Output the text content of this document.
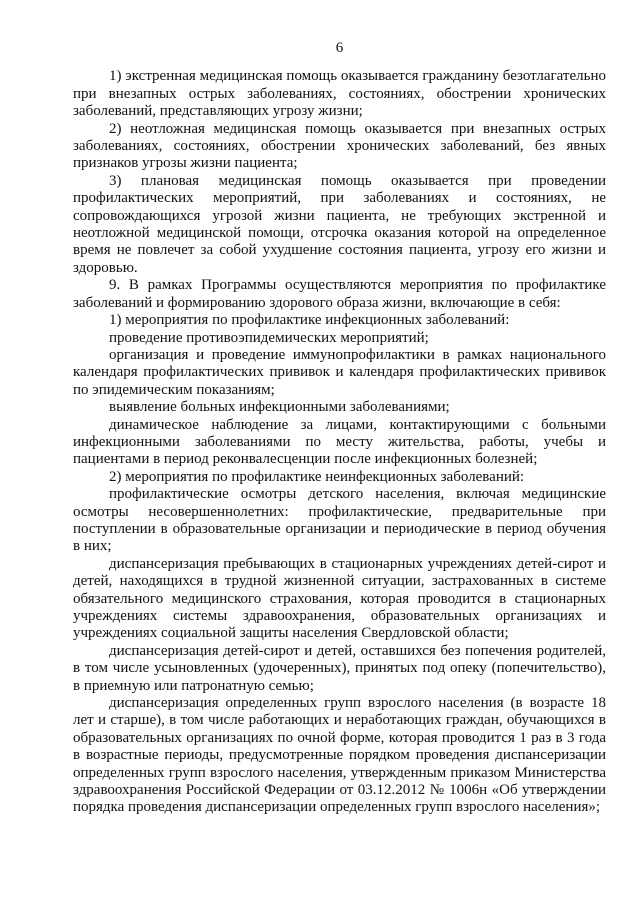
6

1) экстренная медицинская помощь оказывается гражданину безотлагательно при внезапных острых заболеваниях, состояниях, обострении хронических заболеваний, представляющих угрозу жизни;

2) неотложная медицинская помощь оказывается при внезапных острых заболеваниях, состояниях, обострении хронических заболеваний, без явных признаков угрозы жизни пациента;

3) плановая медицинская помощь оказывается при проведении профилактических мероприятий, при заболеваниях и состояниях, не сопровождающихся угрозой жизни пациента, не требующих экстренной и неотложной медицинской помощи, отсрочка оказания которой на определенное время не повлечет за собой ухудшение состояния пациента, угрозу его жизни и здоровью.

9. В рамках Программы осуществляются мероприятия по профилактике заболеваний и формированию здорового образа жизни, включающие в себя:

1) мероприятия по профилактике инфекционных заболеваний:

проведение противоэпидемических мероприятий;

организация и проведение иммунопрофилактики в рамках национального календаря профилактических прививок и календаря профилактических прививок по эпидемическим показаниям;

выявление больных инфекционными заболеваниями;

динамическое наблюдение за лицами, контактирующими с больными инфекционными заболеваниями по месту жительства, работы, учебы и пациентами в период реконвалесценции после инфекционных болезней;

2) мероприятия по профилактике неинфекционных заболеваний:

профилактические осмотры детского населения, включая медицинские осмотры несовершеннолетних: профилактические, предварительные при поступлении в образовательные организации и периодические в период обучения в них;

диспансеризация пребывающих в стационарных учреждениях детей-сирот и детей, находящихся в трудной жизненной ситуации, застрахованных в системе обязательного медицинского страхования, которая проводится в стационарных учреждениях системы здравоохранения, образовательных организациях и учреждениях социальной защиты населения Свердловской области;

диспансеризация детей-сирот и детей, оставшихся без попечения родителей, в том числе усыновленных (удочеренных), принятых под опеку (попечительство), в приемную или патронатную семью;

диспансеризация определенных групп взрослого населения (в возрасте 18 лет и старше), в том числе работающих и неработающих граждан, обучающихся в образовательных организациях по очной форме, которая проводится 1 раз в 3 года в возрастные периоды, предусмотренные порядком проведения диспансеризации определенных групп взрослого населения, утвержденным приказом Министерства здравоохранения Российской Федерации от 03.12.2012 № 1006н «Об утверждении порядка проведения диспансеризации определенных групп взрослого населения»;
